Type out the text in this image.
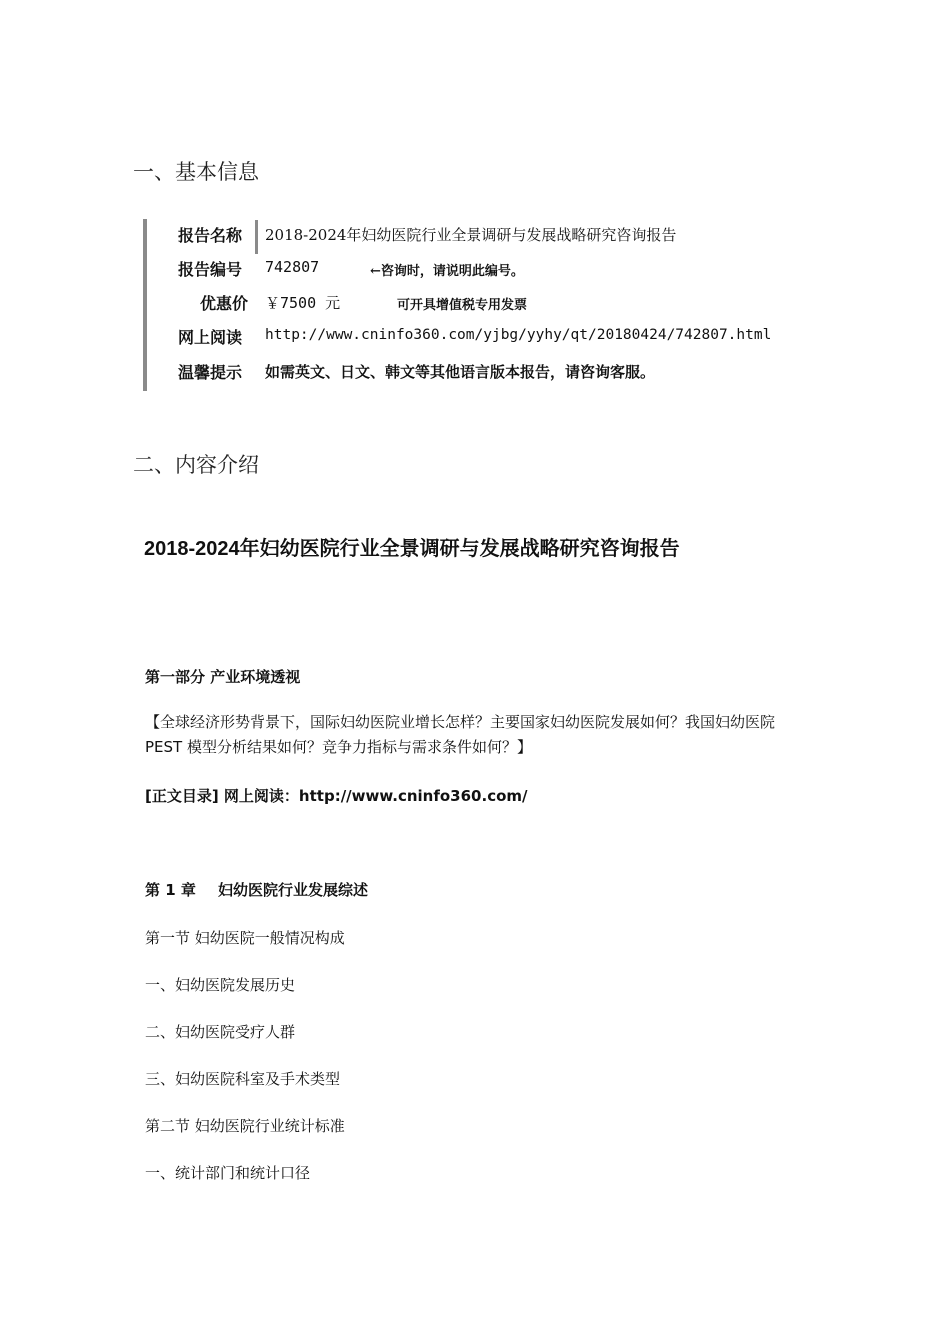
一、基本信息
报告名称 2018-2024年妇幼医院行业全景调研与发展战略研究咨询报告
报告编号 742807	←咨询时，请说明此编号。
优惠价 ￥7500 元	可开具增值税专用发票
网上阅读 http://www.cninfo360.com/yjbg/yyhy/qt/20180424/742807.html
温馨提示 如需英文、日文、韩文等其他语言版本报告，请咨询客服。
二、内容介绍
2018-2024年妇幼医院行业全景调研与发展战略研究咨询报告
第一部分 产业环境透视
【全球经济形势背景下，国际妇幼医院业增长怎样？主要国家妇幼医院发展如何？我国妇幼医院 PEST 模型分析结果如何？竞争力指标与需求条件如何？】
[正文目录] 网上阅读：http://www.cninfo360.com/
第 1 章 妇幼医院行业发展综述
第一节 妇幼医院一般情况构成
一、妇幼医院发展历史
二、妇幼医院受疗人群
三、妇幼医院科室及手术类型
第二节 妇幼医院行业统计标准
一、统计部门和统计口径
